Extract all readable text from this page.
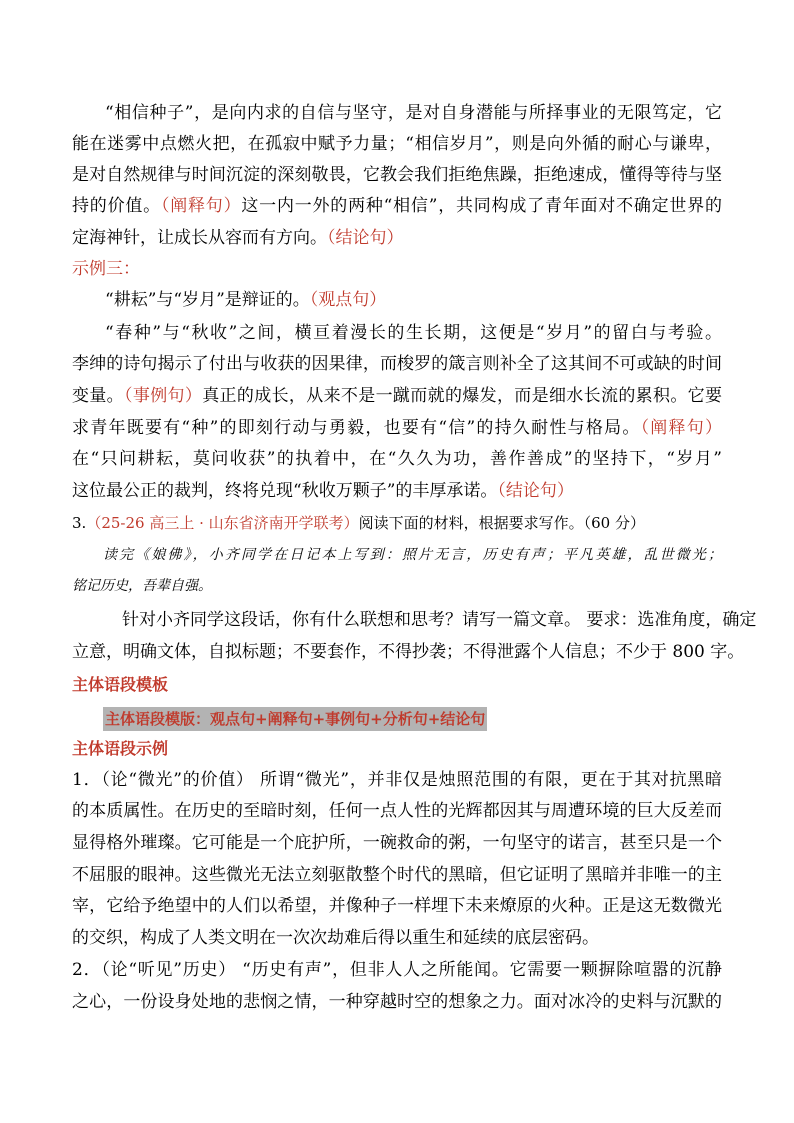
“相信种子”，是向内求的自信与坚守，是对自身潜能与所择事业的无限笃定，它
能在迷雾中点燃火把，在孤寂中赋予力量；“相信岁月”，则是向外循的耐心与谦卑，
是对自然规律与时间沉淀的深刻敬畏，它教会我们拒绝焦躁，拒绝速成，懂得等待与坚
持的价值。（阐释句）这一内一外的两种“相信”，共同构成了青年面对不确定世界的
定海神针，让成长从容而有方向。（结论句）
示例三：
“耕耘”与“岁月”是辩证的。（观点句）
“春种”与“秋收”之间，横亘着漫长的生长期，这便是“岁月”的留白与考验。
李绅的诗句揭示了付出与收获的因果律，而梭罗的箴言则补全了这其间不可或缺的时间
变量。（事例句）真正的成长，从来不是一蹴而就的爆发，而是细水长流的累积。它要
求青年既要有“种”的即刻行动与勇毅，也要有“信”的持久耐性与格局。（阐释句）
在“只问耕耘，莫问收获”的执着中，在“久久为功，善作善成”的坚持下，“岁月”
这位最公正的裁判，终将兑现“秋收万颗子”的丰厚承诺。（结论句）
3.（25-26 高三上 · 山东省济南开学联考）阅读下面的材料，根据要求写作。（60 分）
读完《娘佛》，小齐同学在日记本上写到：照片无言，历史有声；平凡英雄，乱世微光；
铭记历史，吾辈自强。
针对小齐同学这段话，你有什么联想和思考？请写一篇文章。 要求：选准角度，确定
立意，明确文体，自拟标题；不要套作，不得抄袭；不得泄露个人信息；不少于 800 字。
主体语段模板
主体语段模版：观点句+阐释句+事例句+分析句+结论句
主体语段示例
1．（论“微光”的价值） 所谓“微光”，并非仅是烛照范围的有限，更在于其对抗黑暗
的本质属性。在历史的至暗时刻，任何一点人性的光辉都因其与周遭环境的巨大反差而
显得格外璀璨。它可能是一个庇护所，一碗救命的粥，一句坚守的诺言，甚至只是一个
不屈服的眼神。这些微光无法立刻驱散整个时代的黑暗，但它证明了黑暗并非唯一的主
宰，它给予绝望中的人们以希望，并像种子一样埋下未来燎原的火种。正是这无数微光
的交织，构成了人类文明在一次次劫难后得以重生和延续的底层密码。
2．（论“听见”历史） “历史有声”，但非人人之所能闻。它需要一颗摒除喧嚣的沉静
之心，一份设身处地的悲悯之情，一种穿越时空的想象之力。面对冰冷的史料与沉默的
